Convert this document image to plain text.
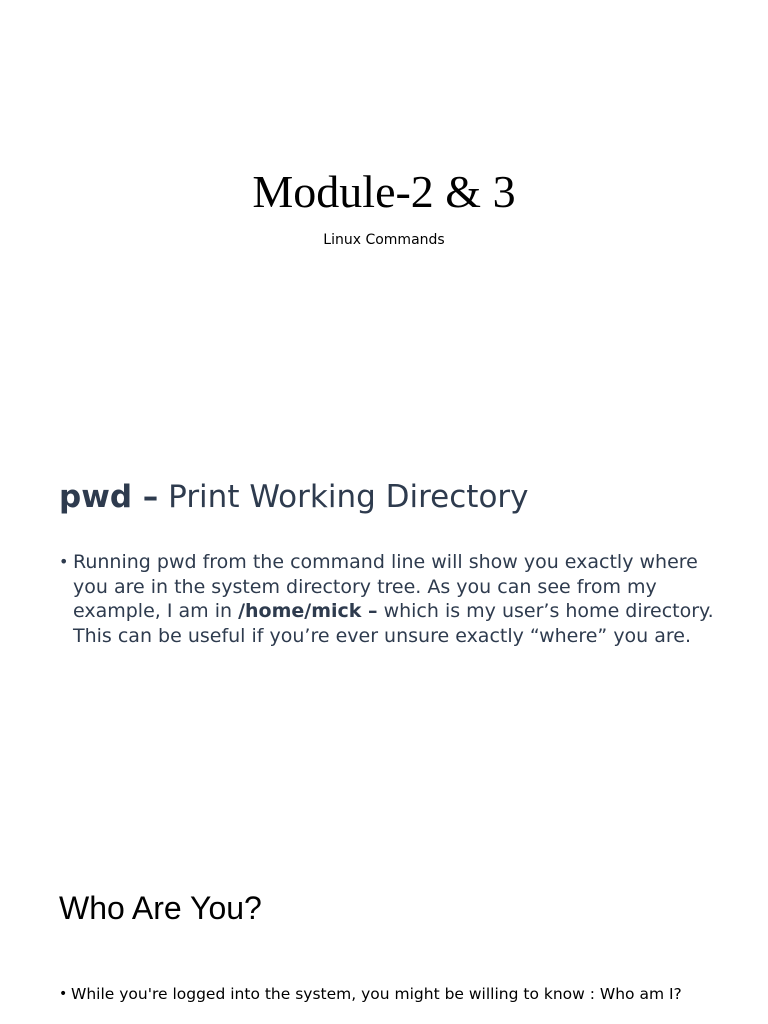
Module-2 & 3
Linux Commands
pwd – Print Working Directory
• Running pwd from the command line will show you exactly where you are in the system directory tree. As you can see from my example, I am in /home/mick – which is my user’s home directory. This can be useful if you’re ever unsure exactly “where” you are.
Who Are You?
• While you're logged into the system, you might be willing to know : Who am I?
